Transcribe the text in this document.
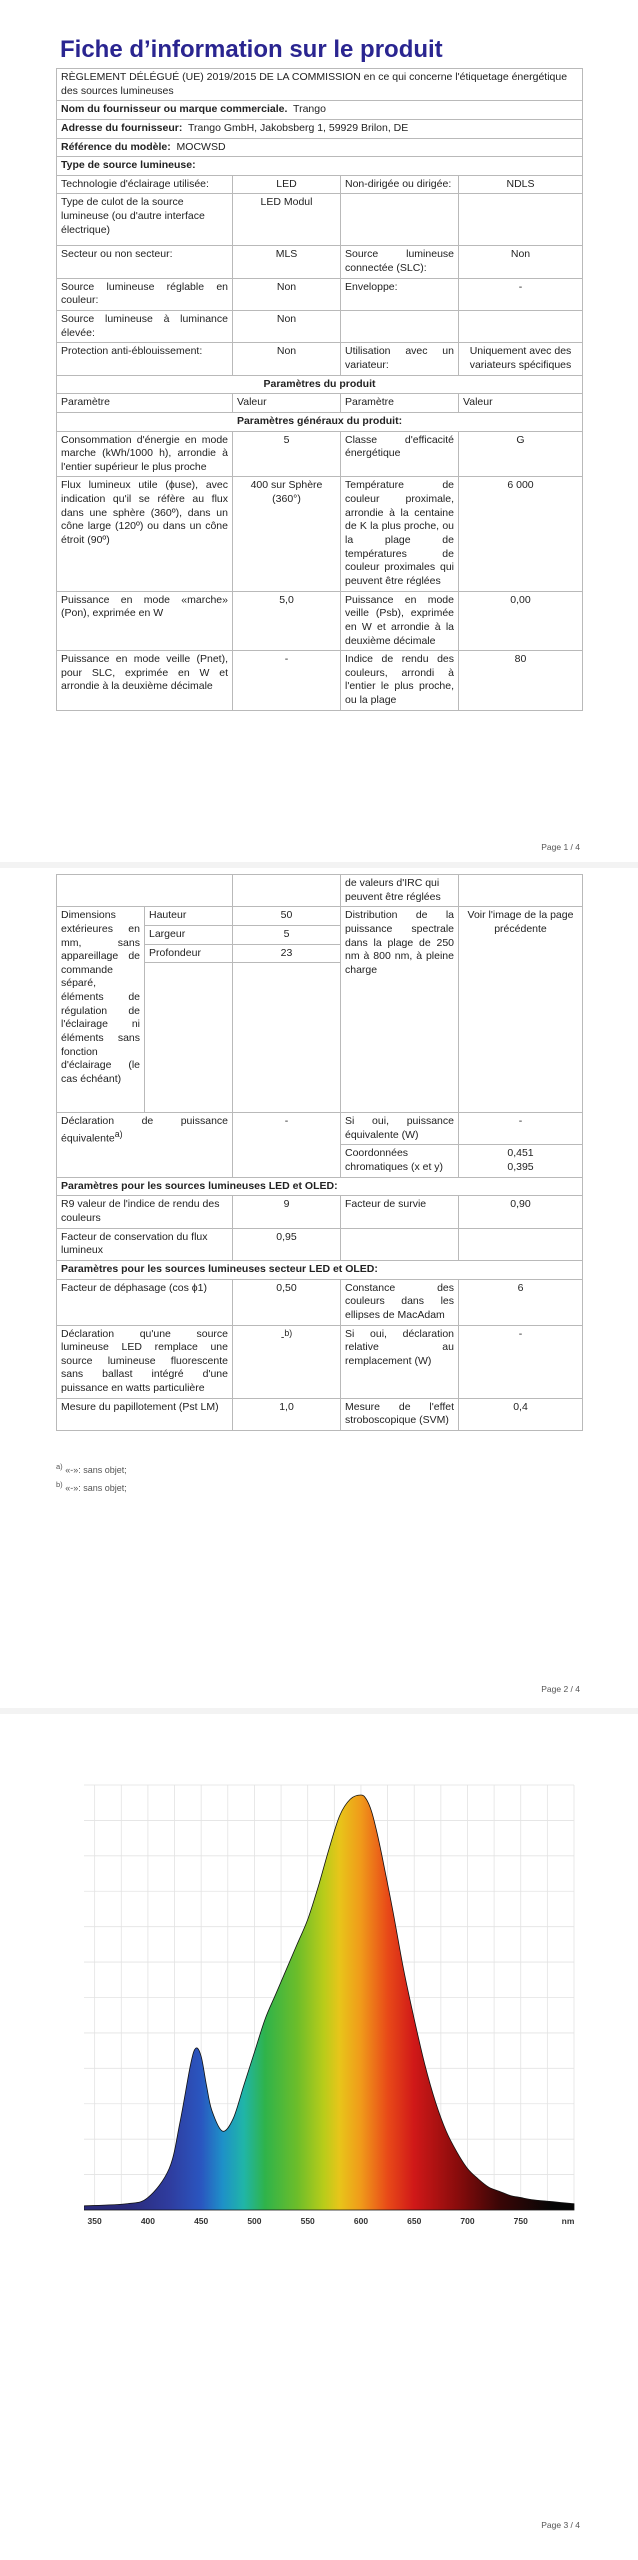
Fiche d’information sur le produit
RÈGLEMENT DÉLÉGUÉ (UE) 2019/2015 DE LA COMMISSION en ce qui concerne l'étiquetage énergétique des sources lumineuses			
Nom du fournisseur ou marque commerciale. Trango			
Adresse du fournisseur: Trango GmbH, Jakobsberg 1, 59929 Brilon, DE			
Référence du modèle: MOCWSD			
Type de source lumineuse:			
Technologie d'éclairage utilisée:	LED	Non-dirigée ou dirigée:	NDLS
Type de culot de la source lumineuse (ou d'autre interface électrique)	LED Modul		
Secteur ou non secteur:	MLS	Source lumineuse connectée (SLC):	Non
Source lumineuse réglable en couleur:	Non	Enveloppe:	-
Source lumineuse à luminance élevée:	Non		
Protection anti-éblouissement:	Non	Utilisation avec un variateur:	Uniquement avec des variateurs spécifiques
Paramètres du produit			
Paramètre	Valeur	Paramètre	Valeur
Paramètres généraux du produit:			
Consommation d'énergie en mode marche (kWh/1000 h), arrondie à l'entier supérieur le plus proche	5	Classe d'efficacité énergétique	G
Flux lumineux utile (ϕuse), avec indication qu'il se réfère au flux dans une sphère (360º), dans un cône large (120º) ou dans un cône étroit (90º)	400 sur Sphère (360°)	Température de couleur proximale, arrondie à la centaine de K la plus proche, ou la plage de températures de couleur proximales qui peuvent être réglées	6 000
Puissance en mode «marche» (Pon), exprimée en W	5,0	Puissance en mode veille (Psb), exprimée en W et arrondie à la deuxième décimale	0,00
Puissance en mode veille (Pnet), pour SLC, exprimée en W et arrondie à la deuxième décimale	-	Indice de rendu des couleurs, arrondi à l'entier le plus proche, ou la plage	80
Page 1 / 4
			de valeurs d'IRC qui peuvent être réglées	
Dimensions extérieures en mm, sans appareillage de commande séparé, éléments de régulation de l'éclairage ni éléments sans fonction d'éclairage (le cas échéant)	Hauteur	50	Distribution de la puissance spectrale dans la plage de 250 nm à 800 nm, à pleine charge	Voir l'image de la page précédente
	Largeur	5		
	Profondeur	23		

Déclaration de puissance équivalente$^{a)}$		-	Si oui, puissance équivalente (W)	-
			Coordonnées chromatiques (x et y)	0,451
0,395
Paramètres pour les sources lumineuses LED et OLED:				
R9 valeur de l'indice de rendu des couleurs		9	Facteur de survie	0,90
Facteur de conservation du flux lumineux		0,95		
Paramètres pour les sources lumineuses secteur LED et OLED:				
Facteur de déphasage (cos ϕ1)		0,50	Constance des couleurs dans les ellipses de MacAdam	6
Déclaration qu'une source lumineuse LED remplace une source lumineuse fluorescente sans ballast intégré d'une puissance en watts particulière		-$^{b)}$	Si oui, déclaration relative au remplacement (W)	-
Mesure du papillotement (Pst LM)		1,0	Mesure de l'effet stroboscopique (SVM)	0,4
$^{a)}$ «-»: sans objet;
$^{b)}$ «-»: sans objet;
Page 2 / 4
Page 3 / 4
350	400	450	500	550	600	650	700	750	nm
